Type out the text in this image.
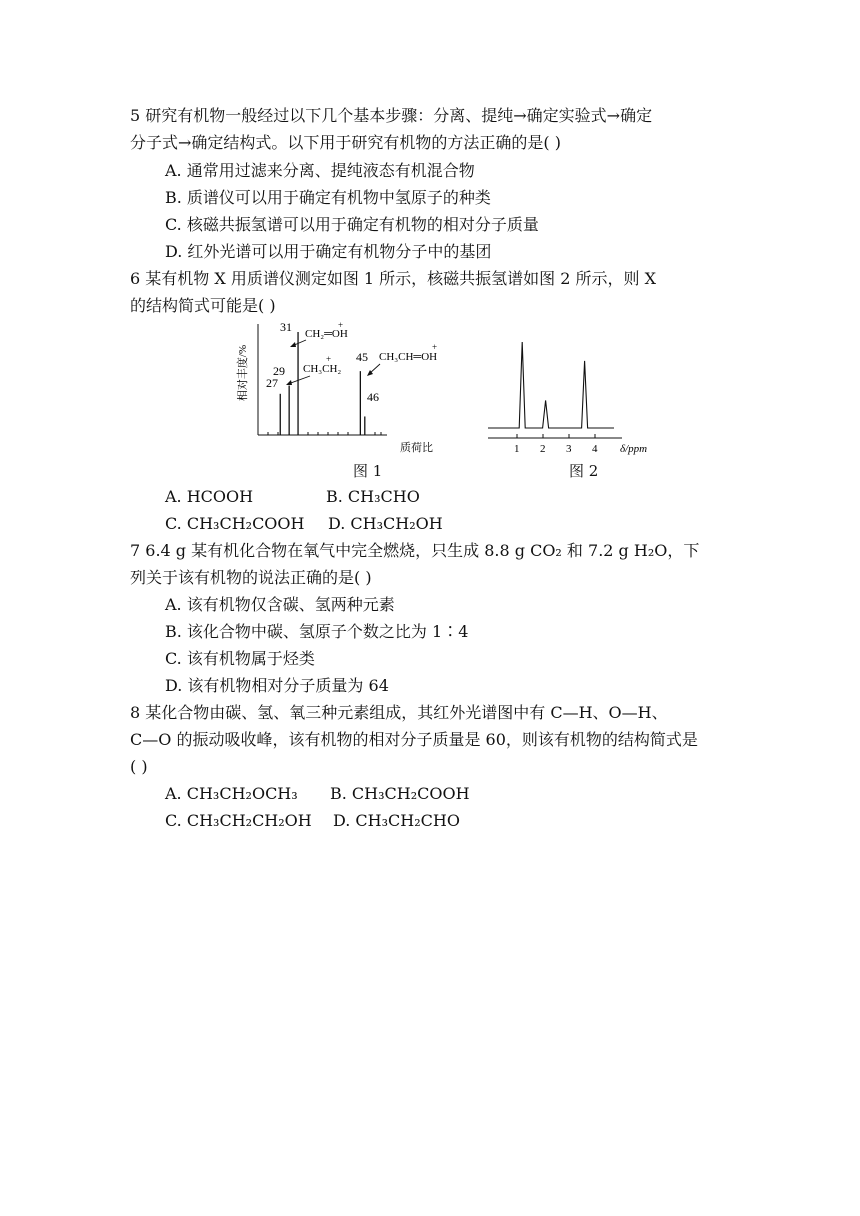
5 研究有机物一般经过以下几个基本步骤：分离、提纯→确定实验式→确定
分子式→确定结构式。以下用于研究有机物的方法正确的是( )
A. 通常用过滤来分离、提纯液态有机混合物
B. 质谱仪可以用于确定有机物中氢原子的种类
C. 核磁共振氢谱可以用于确定有机物的相对分子质量
D. 红外光谱可以用于确定有机物分子中的基团
6 某有机物 X 用质谱仪测定如图 1 所示，核磁共振氢谱如图 2 所示，则 X
的结构简式可能是( )
相对丰度/% 27
29
31
45
46
+
CH₂═OH
+
CH₃CH₂
质荷比
+
CH₃CH═OH
图 1
1 2 3 4 δ/ppm
图 2
A. HCOOH	B. CH₃CHO
C. CH₃CH₂COOH D. CH₃CH₂OH
7 6.4 g 某有机化合物在氧气中完全燃烧，只生成 8.8 g CO₂ 和 7.2 g H₂O，下
列关于该有机物的说法正确的是( )
A. 该有机物仅含碳、氢两种元素
B. 该化合物中碳、氢原子个数之比为 1∶4
C. 该有机物属于烃类
D. 该有机物相对分子质量为 64
8 某化合物由碳、氢、氧三种元素组成，其红外光谱图中有 C—H、O—H、
C—O 的振动吸收峰，该有机物的相对分子质量是 60，则该有机物的结构简式是
( )
A. CH₃CH₂OCH₃ B. CH₃CH₂COOH
C. CH₃CH₂CH₂OH D. CH₃CH₂CHO
